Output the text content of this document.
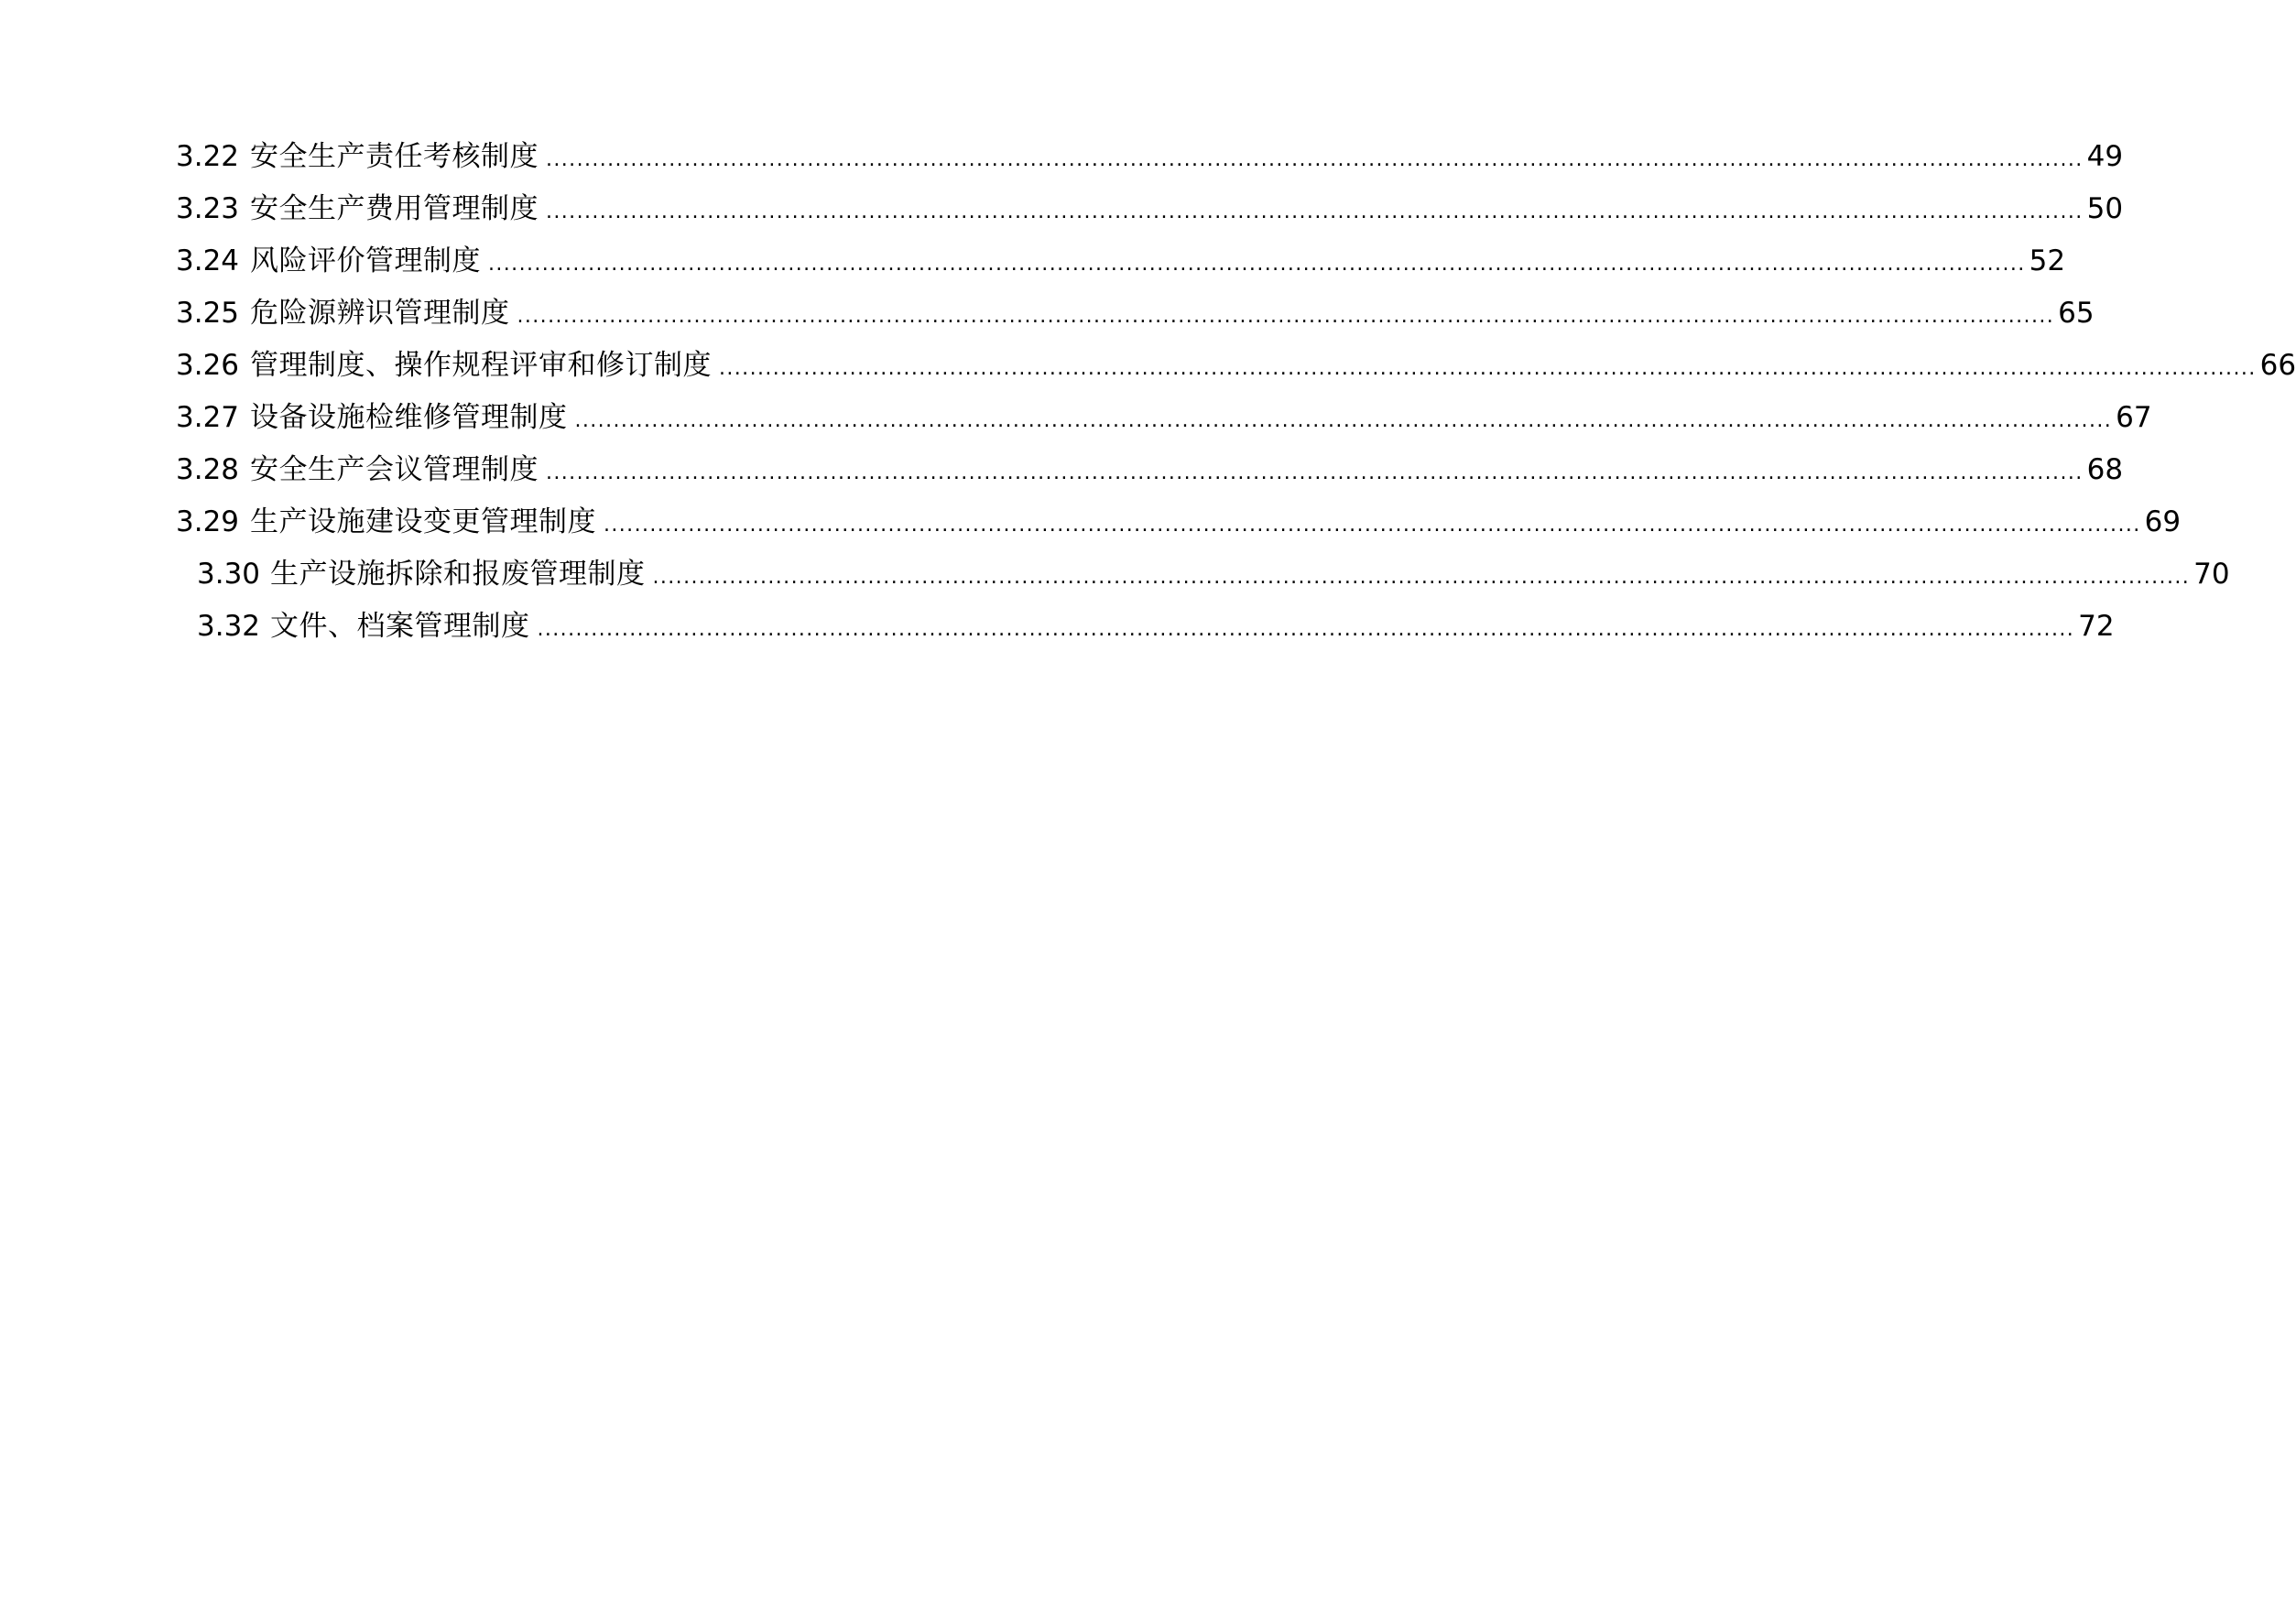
3.22 安全生产责任考核制度 ........................................................................................................................................................................................................ 49
3.23 安全生产费用管理制度 ........................................................................................................................................................................................................ 50
3.24 风险评价管理制度 ........................................................................................................................................................................................................ 52
3.25 危险源辨识管理制度 ........................................................................................................................................................................................................ 65
3.26 管理制度、操作规程评审和修订制度 ........................................................................................................................................................................................................ 66
3.27 设备设施检维修管理制度 ........................................................................................................................................................................................................ 67
3.28 安全生产会议管理制度 ........................................................................................................................................................................................................ 68
3.29 生产设施建设变更管理制度 ........................................................................................................................................................................................................ 69
3.30 生产设施拆除和报废管理制度 ........................................................................................................................................................................................................ 70
3.32 文件、档案管理制度 ........................................................................................................................................................................................................ 72
